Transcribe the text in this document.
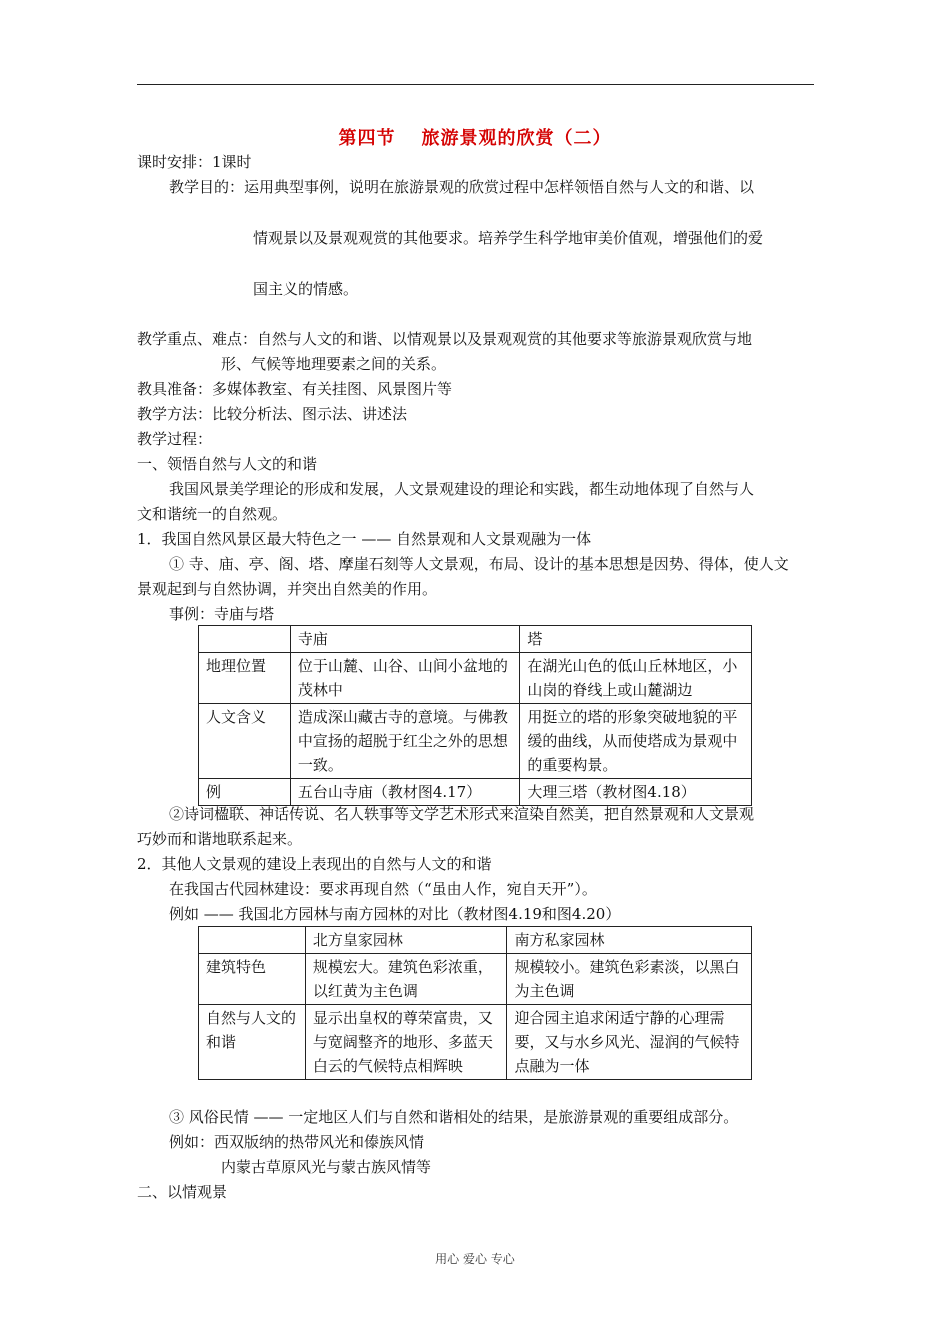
第四节 旅游景观的欣赏（二）
课时安排：1课时
教学目的：运用典型事例，说明在旅游景观的欣赏过程中怎样领悟自然与人文的和谐、以
情观景以及景观观赏的其他要求。培养学生科学地审美价值观，增强他们的爱
国主义的情感。
教学重点、难点：自然与人文的和谐、以情观景以及景观观赏的其他要求等旅游景观欣赏与地
形、气候等地理要素之间的关系。
教具准备：多媒体教室、有关挂图、风景图片等
教学方法：比较分析法、图示法、讲述法
教学过程：
一、领悟自然与人文的和谐
我国风景美学理论的形成和发展，人文景观建设的理论和实践，都生动地体现了自然与人
文和谐统一的自然观。
1．我国自然风景区最大特色之一 —— 自然景观和人文景观融为一体
① 寺、庙、亭、阁、塔、摩崖石刻等人文景观，布局、设计的基本思想是因势、得体，使人文
景观起到与自然协调，并突出自然美的作用。
事例：寺庙与塔
	寺庙	塔
地理位置	位于山麓、山谷、山间小盆地的茂林中	在湖光山色的低山丘林地区，小山岗的脊线上或山麓湖边
人文含义	造成深山藏古寺的意境。与佛教中宣扬的超脱于红尘之外的思想一致。	用挺立的塔的形象突破地貌的平缓的曲线，从而使塔成为景观中的重要构景。
例	五台山寺庙（教材图4.17）	大理三塔（教材图4.18）
②诗词楹联、神话传说、名人轶事等文学艺术形式来渲染自然美，把自然景观和人文景观
巧妙而和谐地联系起来。
2．其他人文景观的建设上表现出的自然与人文的和谐
在我国古代园林建设：要求再现自然（“虽由人作，宛自天开”）。
例如 —— 我国北方园林与南方园林的对比（教材图4.19和图4.20）
	北方皇家园林	南方私家园林
建筑特色	规模宏大。建筑色彩浓重，以红黄为主色调	规模较小。建筑色彩素淡，以黑白为主色调
自然与人文的和谐	显示出皇权的尊荣富贵，又与宽阔整齐的地形、多蓝天白云的气候特点相辉映	迎合园主追求闲适宁静的心理需要，又与水乡风光、湿润的气候特点融为一体
③ 风俗民情 —— 一定地区人们与自然和谐相处的结果，是旅游景观的重要组成部分。
例如：西双版纳的热带风光和傣族风情
内蒙古草原风光与蒙古族风情等
二、以情观景
用心 爱心 专心
